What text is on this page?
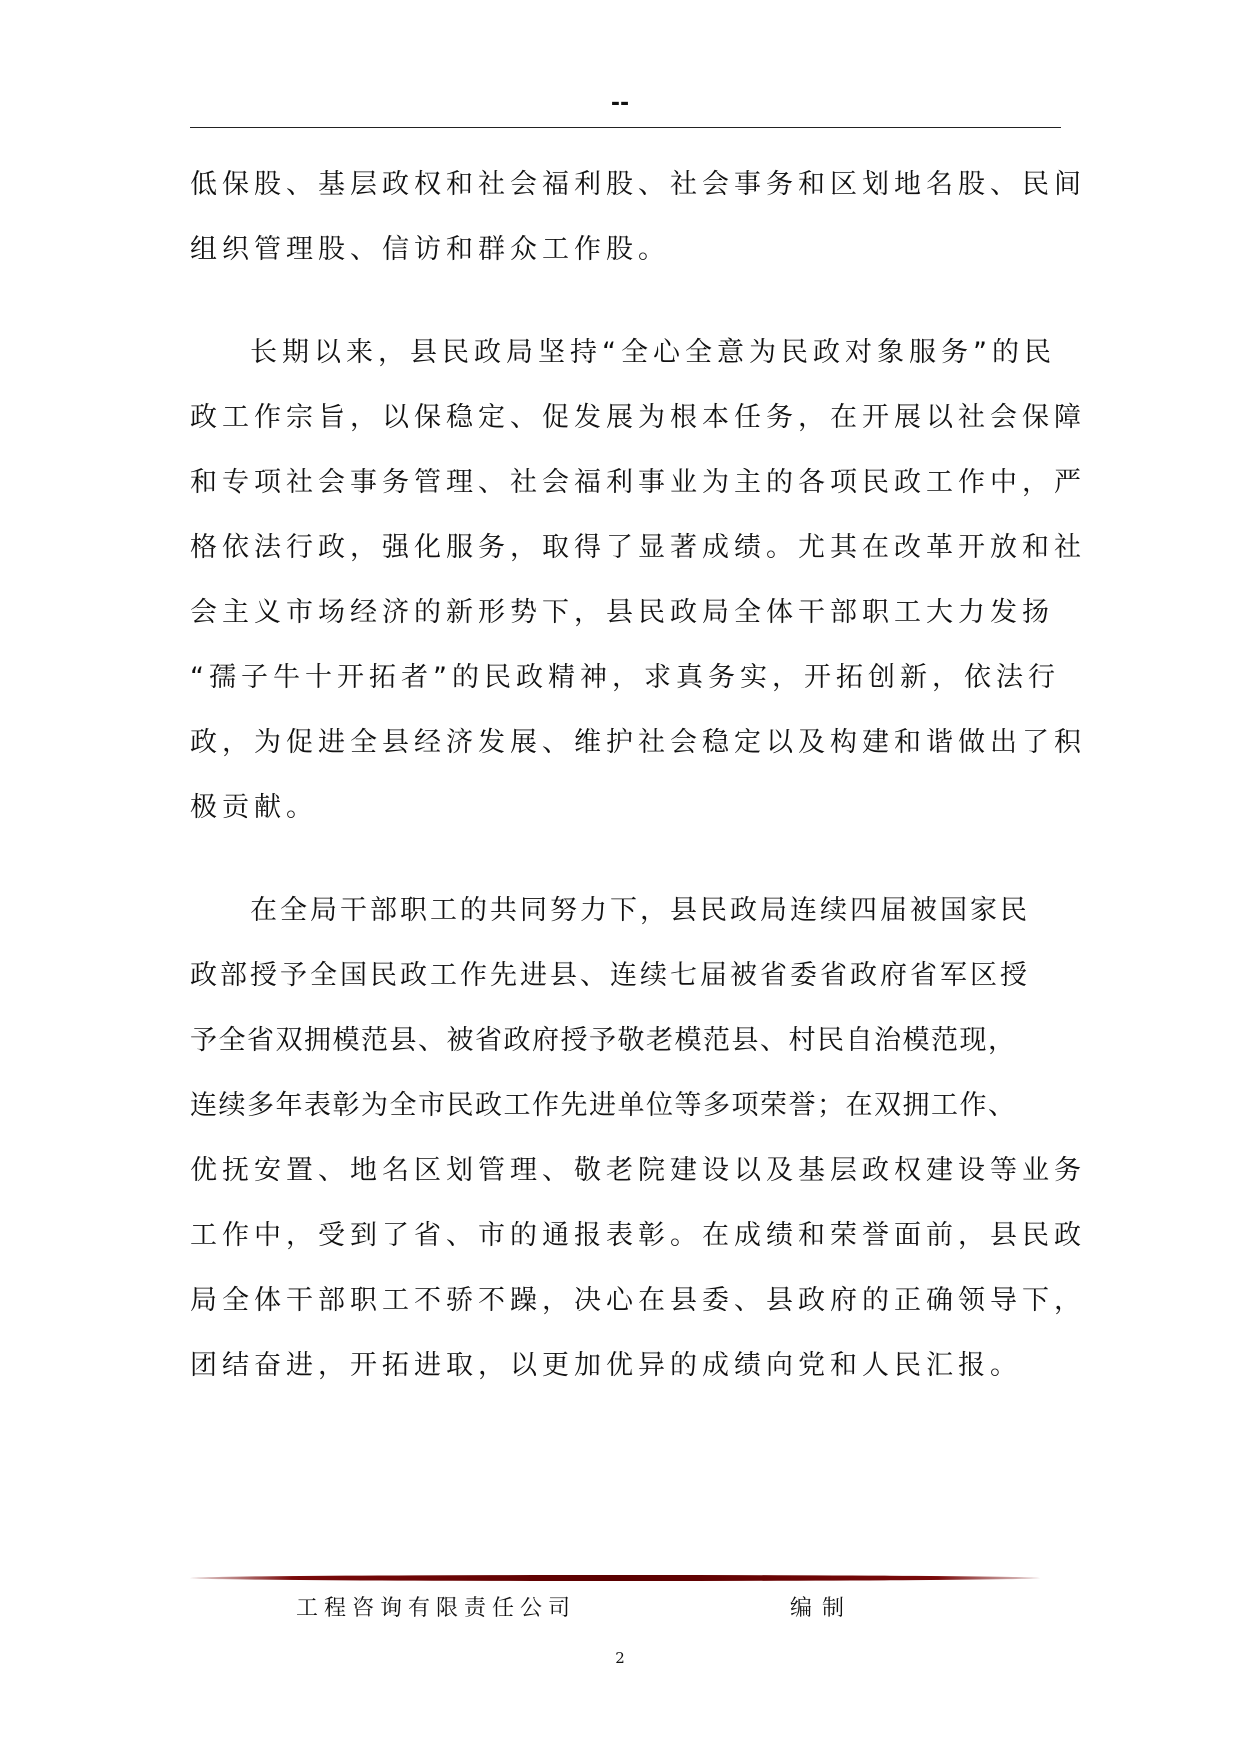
--
低保股、基层政权和社会福利股、社会事务和区划地名股、民间
组织管理股、信访和群众工作股。
长期以来，县民政局坚持“全心全意为民政对象服务”的民
政工作宗旨，以保稳定、促发展为根本任务，在开展以社会保障
和专项社会事务管理、社会福利事业为主的各项民政工作中，严
格依法行政，强化服务，取得了显著成绩。尤其在改革开放和社
会主义市场经济的新形势下，县民政局全体干部职工大力发扬
“孺子牛十开拓者”的民政精神，求真务实，开拓创新，依法行
政，为促进全县经济发展、维护社会稳定以及构建和谐做出了积
极贡献。
在全局干部职工的共同努力下，县民政局连续四届被国家民
政部授予全国民政工作先进县、连续七届被省委省政府省军区授
予全省双拥模范县、被省政府授予敬老模范县、村民自治模范现，
连续多年表彰为全市民政工作先进单位等多项荣誉；在双拥工作、
优抚安置、地名区划管理、敬老院建设以及基层政权建设等业务
工作中，受到了省、市的通报表彰。在成绩和荣誉面前，县民政
局全体干部职工不骄不躁，决心在县委、县政府的正确领导下，
团结奋进，开拓进取，以更加优异的成绩向党和人民汇报。
工程咨询有限责任公司	编制
2
